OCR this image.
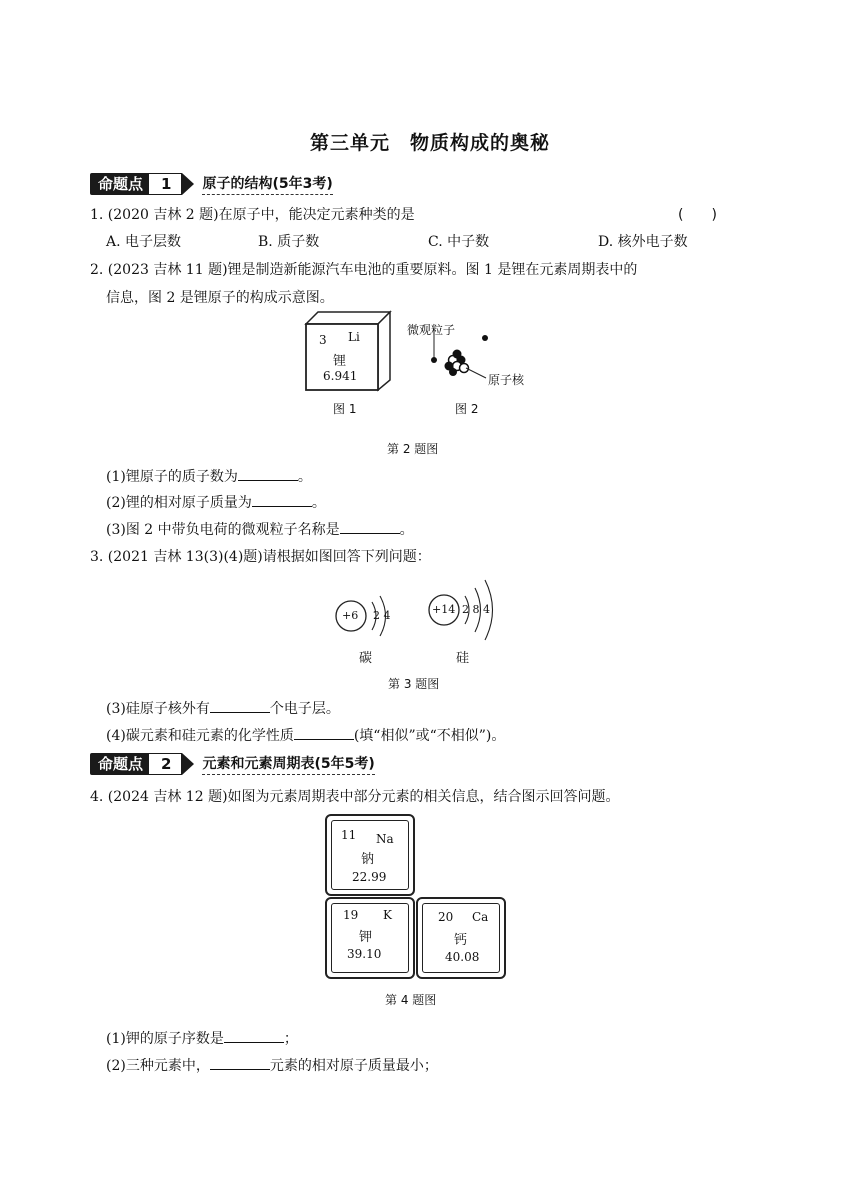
第三单元　物质构成的奥秘
命题点	1	原子的结构(5年3考)
1. (2020 吉林 2 题)在原子中，能决定元素种类的是	(　　)
A. 电子层数	B. 质子数	C. 中子数	D. 核外电子数
2. (2023 吉林 11 题)锂是制造新能源汽车电池的重要原料。图 1 是锂在元素周期表中的
信息，图 2 是锂原子的构成示意图。
3 Li
锂
6.941
图 1
微观粒子
原子核
图 2
第 2 题图
(1)锂原子的质子数为	。
(2)锂的相对原子质量为	。
(3)图 2 中带负电荷的微观粒子名称是	。
3. (2021 吉林 13(3)(4)题)请根据如图回答下列问题：
+6 2 4
碳
+14 2 8 4
硅
第 3 题图
(3)硅原子核外有	个电子层。
(4)碳元素和硅元素的化学性质	(填“相似”或“不相似”)。
命题点	2	元素和元素周期表(5年5考)
4. (2024 吉林 12 题)如图为元素周期表中部分元素的相关信息，结合图示回答问题。
11 Na
钠
22.99
19 K
钾
39.10
20 Ca
钙
40.08
第 4 题图
(1)钾的原子序数是	；
(2)三种元素中，	元素的相对原子质量最小；
